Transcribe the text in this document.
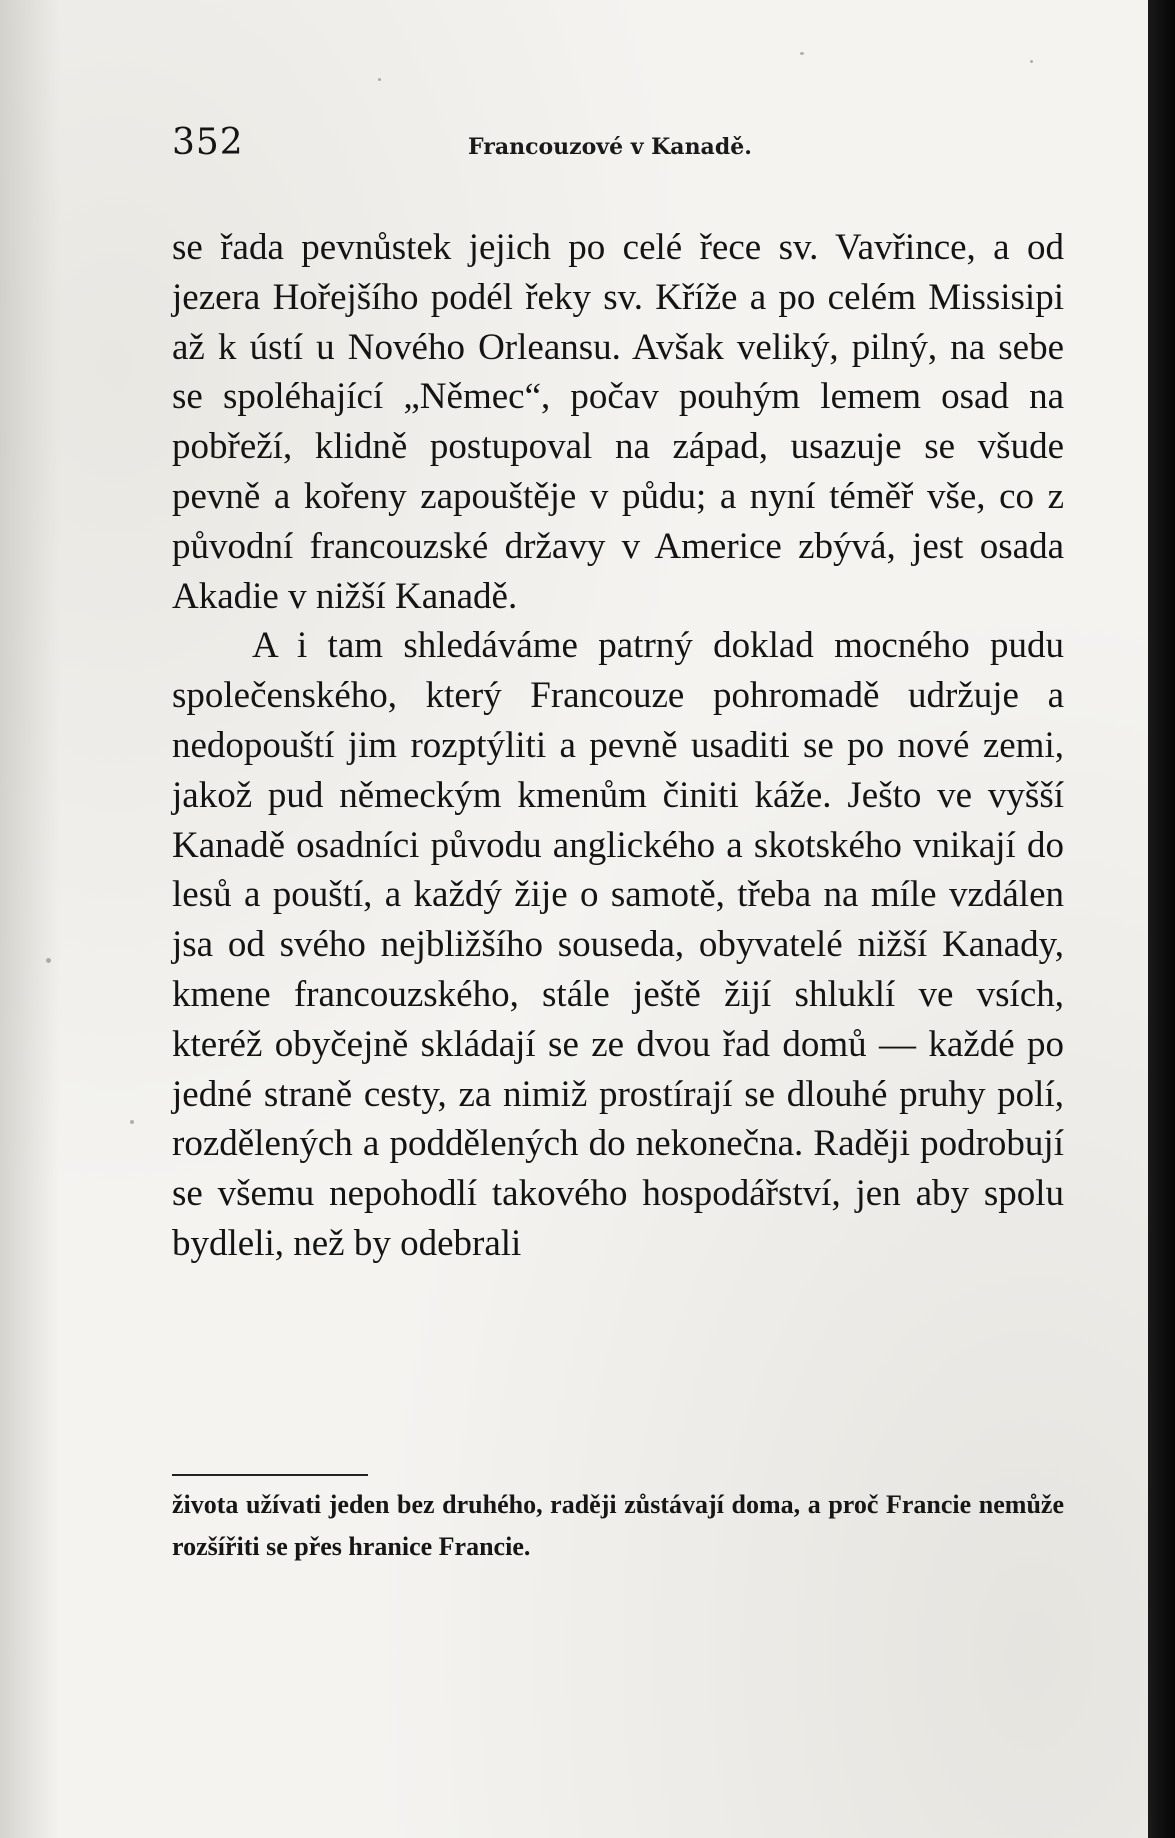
352	Francouzové v Kanadě.

se řada pevnůstek jejich po celé řece sv. Vavřince, a od jezera Hořejšího podél řeky sv. Kříže a po celém Missisipi až k ústí u Nového Orleansu. Avšak veliký, pilný, na sebe se spoléhající „Němec“, počav pouhým lemem osad na pobřeží, klidně postupoval na západ, usazuje se všude pevně a kořeny zapouštěje v půdu; a nyní téměř vše, co z původní francouzské državy v Americe zbývá, jest osada Akadie v nižší Kanadě.

A i tam shledáváme patrný doklad mocného pudu společenského, který Francouze pohromadě udržuje a nedopouští jim rozptýliti a pevně usaditi se po nové zemi, jakož pud německým kmenům činiti káže. Ješto ve vyšší Kanadě osadníci původu anglického a skotského vnikají do lesů a pouští, a každý žije o samotě, třeba na míle vzdálen jsa od svého nejbližšího souseda, obyvatelé nižší Kanady, kmene francouzského, stále ještě žijí shluklí ve vsích, kteréž obyčejně skládají se ze dvou řad domů — každé po jedné straně cesty, za nimiž prostírají se dlouhé pruhy polí, rozdělených a poddělených do nekonečna. Raději podrobují se všemu nepohodlí takového hospodářství, jen aby spolu bydleli, než by odebrali

života užívati jeden bez druhého, raději zůstávají doma, a proč Francie nemůže rozšířiti se přes hranice Francie.
